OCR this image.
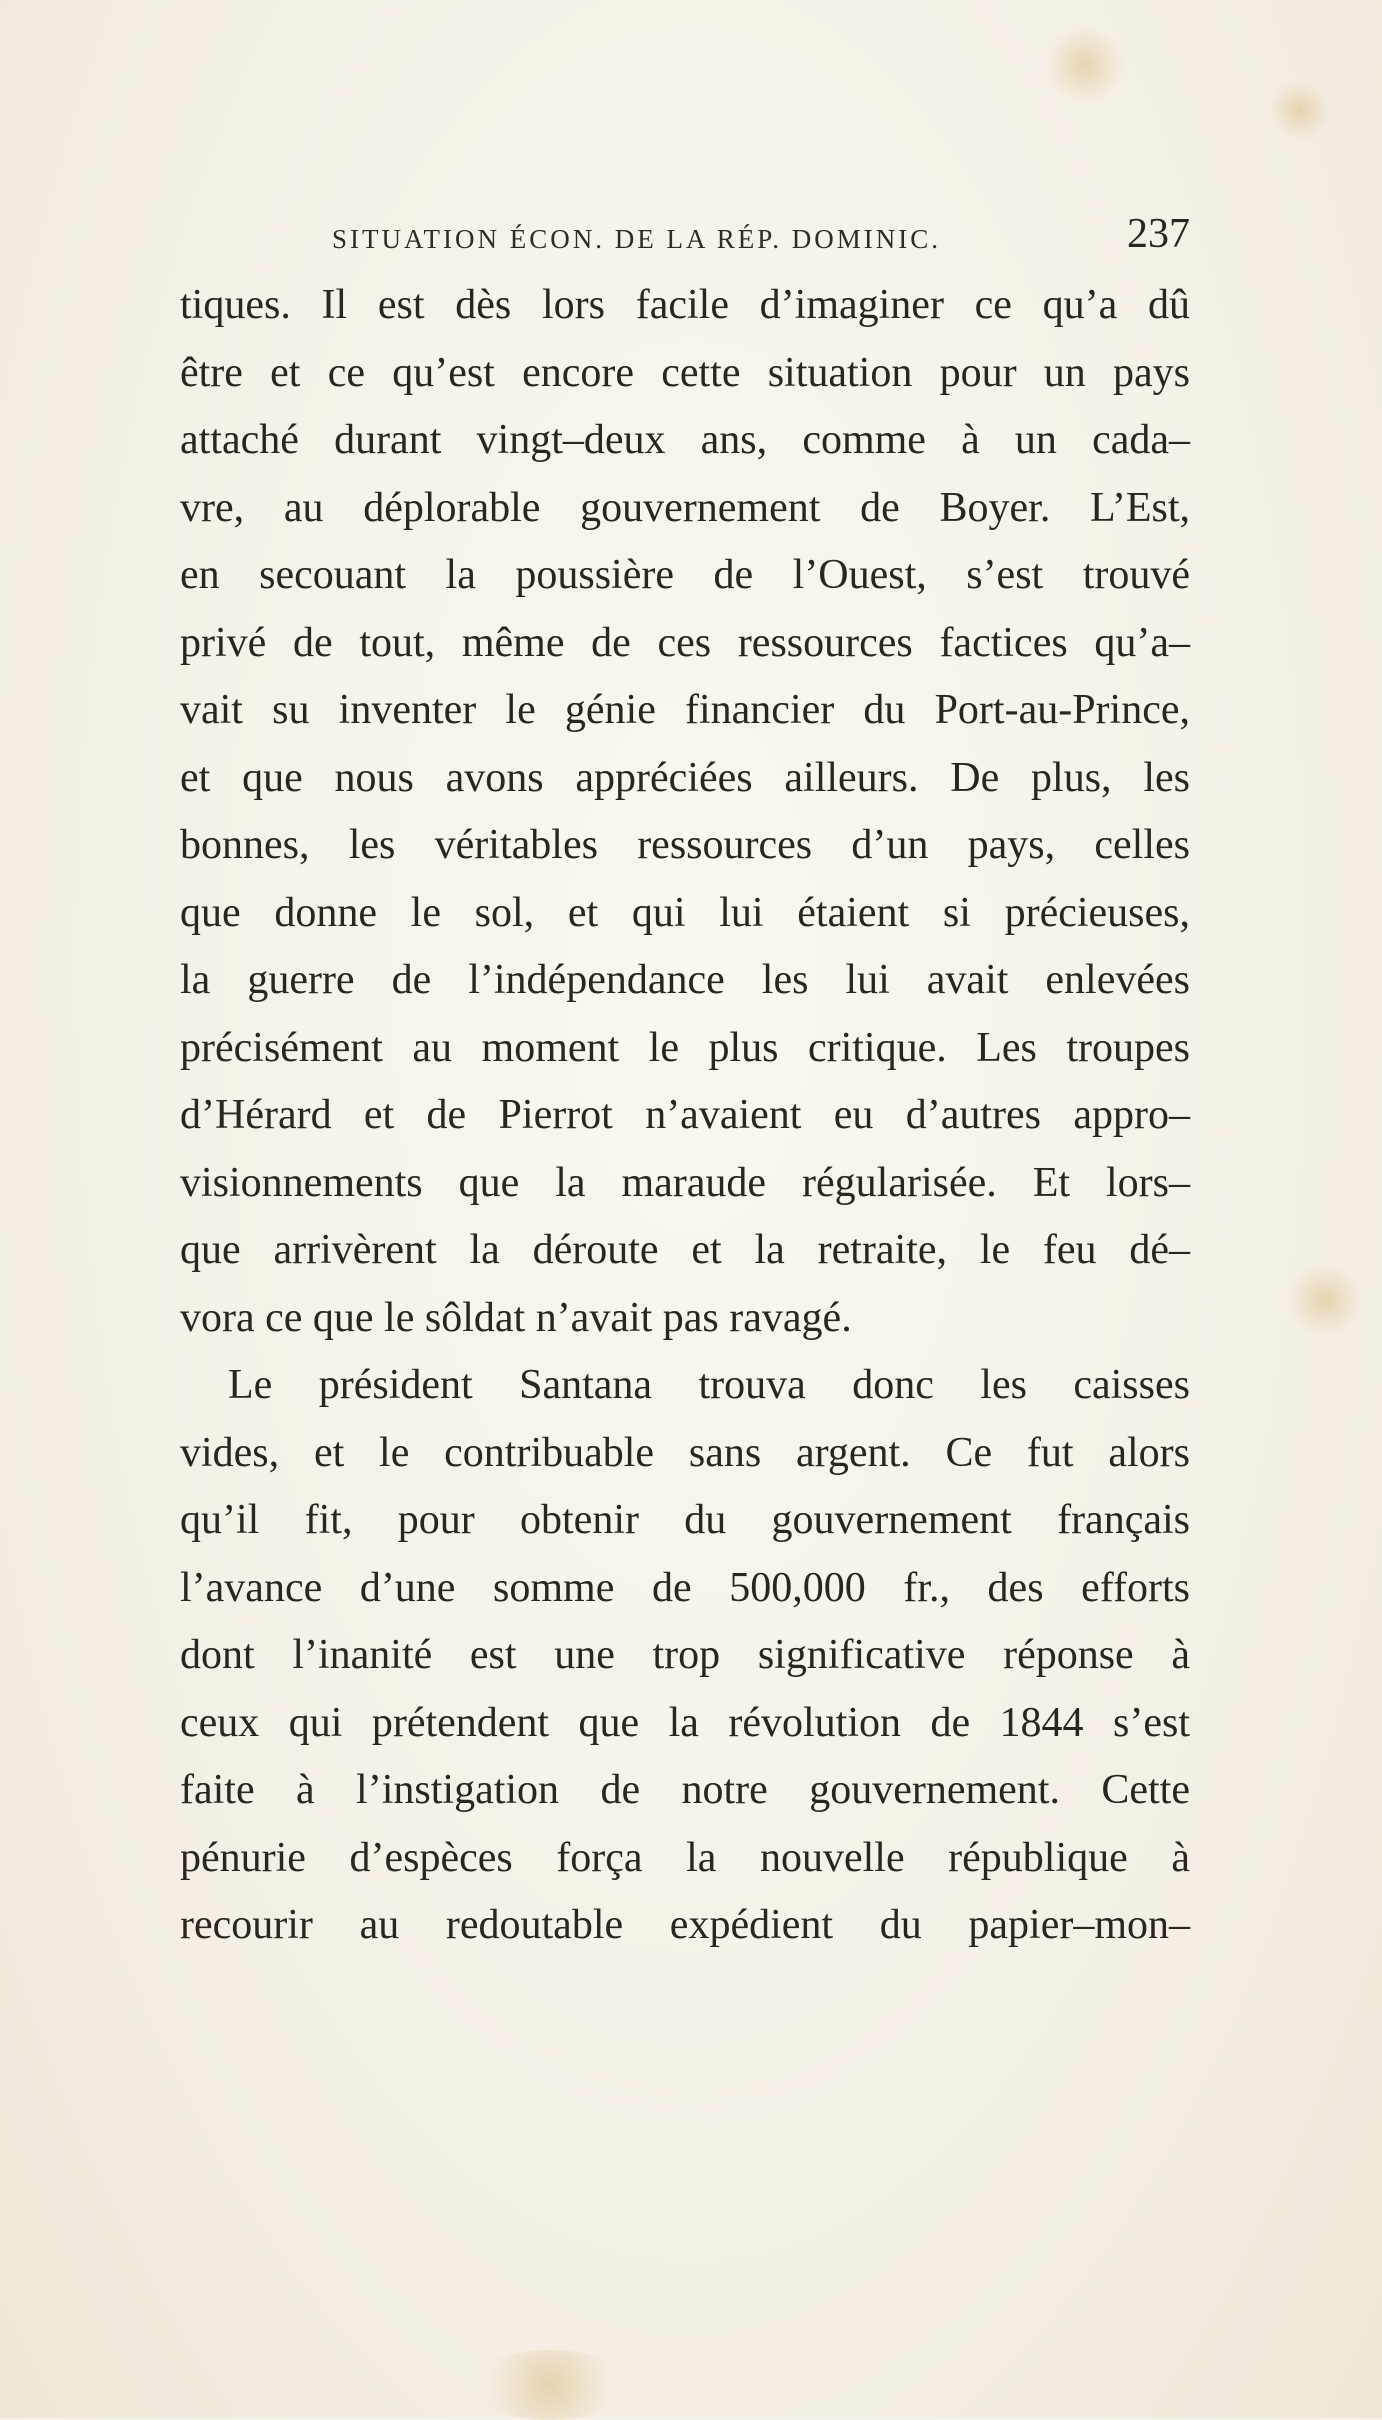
SITUATION ÉCON. DE LA RÉP. DOMINIC.	237
tiques. Il est dès lors facile d’imaginer ce qu’a dû
être et ce qu’est encore cette situation pour un pays
attaché durant vingt–deux ans, comme à un cada–
vre, au déplorable gouvernement de Boyer. L’Est,
en secouant la poussière de l’Ouest, s’est trouvé
privé de tout, même de ces ressources factices qu’a–
vait su inventer le génie financier du Port-au-Prince,
et que nous avons appréciées ailleurs. De plus, les
bonnes, les véritables ressources d’un pays, celles
que donne le sol, et qui lui étaient si précieuses,
la guerre de l’indépendance les lui avait enlevées
précisément au moment le plus critique. Les troupes
d’Hérard et de Pierrot n’avaient eu d’autres appro–
visionnements que la maraude régularisée. Et lors–
que arrivèrent la déroute et la retraite, le feu dé–
vora ce que le sôldat n’avait pas ravagé.
Le président Santana trouva donc les caisses
vides, et le contribuable sans argent. Ce fut alors
qu’il fit, pour obtenir du gouvernement français
l’avance d’une somme de 500,000 fr., des efforts
dont l’inanité est une trop significative réponse à
ceux qui prétendent que la révolution de 1844 s’est
faite à l’instigation de notre gouvernement. Cette
pénurie d’espèces força la nouvelle république à
recourir au redoutable expédient du papier–mon–
